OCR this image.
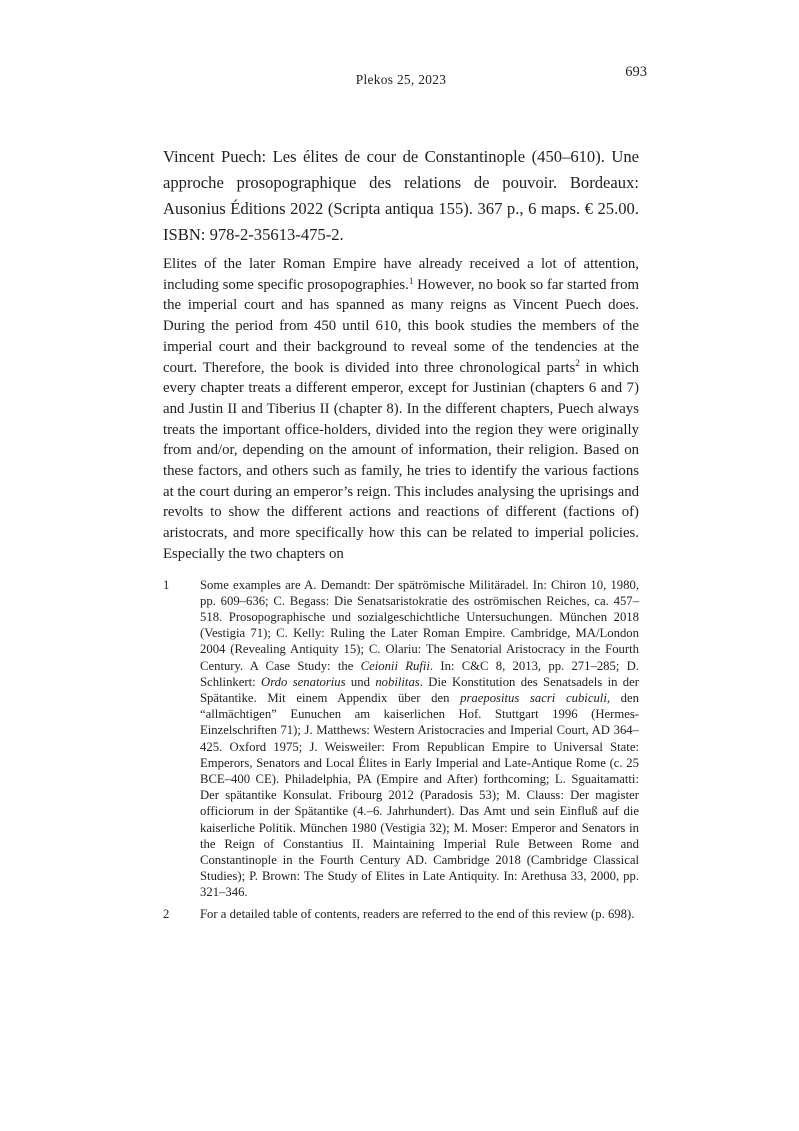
Plekos 25, 2023	693
Vincent Puech: Les élites de cour de Constantinople (450–610). Une approche prosopographique des relations de pouvoir. Bordeaux: Ausonius Éditions 2022 (Scripta antiqua 155). 367 p., 6 maps. € 25.00. ISBN: 978-2-35613-475-2.
Elites of the later Roman Empire have already received a lot of attention, including some specific prosopographies.$^1$ However, no book so far started from the imperial court and has spanned as many reigns as Vincent Puech does. During the period from 450 until 610, this book studies the members of the imperial court and their background to reveal some of the tendencies at the court. Therefore, the book is divided into three chronological parts$^2$ in which every chapter treats a different emperor, except for Justinian (chapters 6 and 7) and Justin II and Tiberius II (chapter 8). In the different chapters, Puech always treats the important office-holders, divided into the region they were originally from and/or, depending on the amount of information, their religion. Based on these factors, and others such as family, he tries to identify the various factions at the court during an emperor’s reign. This includes analysing the uprisings and revolts to show the different actions and reactions of different (factions of) aristocrats, and more specifically how this can be related to imperial policies. Especially the two chapters on
1	Some examples are A. Demandt: Der spätrömische Militäradel. In: Chiron 10, 1980, pp. 609–636; C. Begass: Die Senatsaristokratie des oströmischen Reiches, ca. 457–518. Prosopographische und sozialgeschichtliche Untersuchungen. München 2018 (Vestigia 71); C. Kelly: Ruling the Later Roman Empire. Cambridge, MA/London 2004 (Revealing Antiquity 15); C. Olariu: The Senatorial Aristocracy in the Fourth Century. A Case Study: the Ceionii Rufii. In: C&C 8, 2013, pp. 271–285; D. Schlinkert: Ordo senatorius und nobilitas. Die Konstitution des Senatsadels in der Spätantike. Mit einem Appendix über den praepositus sacri cubiculi, den “allmächtigen” Eunuchen am kaiserlichen Hof. Stuttgart 1996 (Hermes-Einzelschriften 71); J. Matthews: Western Aristocracies and Imperial Court, AD 364–425. Oxford 1975; J. Weisweiler: From Republican Empire to Universal State: Emperors, Senators and Local Élites in Early Imperial and Late-Antique Rome (c. 25 BCE–400 CE). Philadelphia, PA (Empire and After) forthcoming; L. Sguaitamatti: Der spätantike Konsulat. Fribourg 2012 (Paradosis 53); M. Clauss: Der magister officiorum in der Spätantike (4.–6. Jahrhundert). Das Amt und sein Einfluß auf die kaiserliche Politik. München 1980 (Vestigia 32); M. Moser: Emperor and Senators in the Reign of Constantius II. Maintaining Imperial Rule Between Rome and Constantinople in the Fourth Century AD. Cambridge 2018 (Cambridge Classical Studies); P. Brown: The Study of Elites in Late Antiquity. In: Arethusa 33, 2000, pp. 321–346.
2	For a detailed table of contents, readers are referred to the end of this review (p. 698).
